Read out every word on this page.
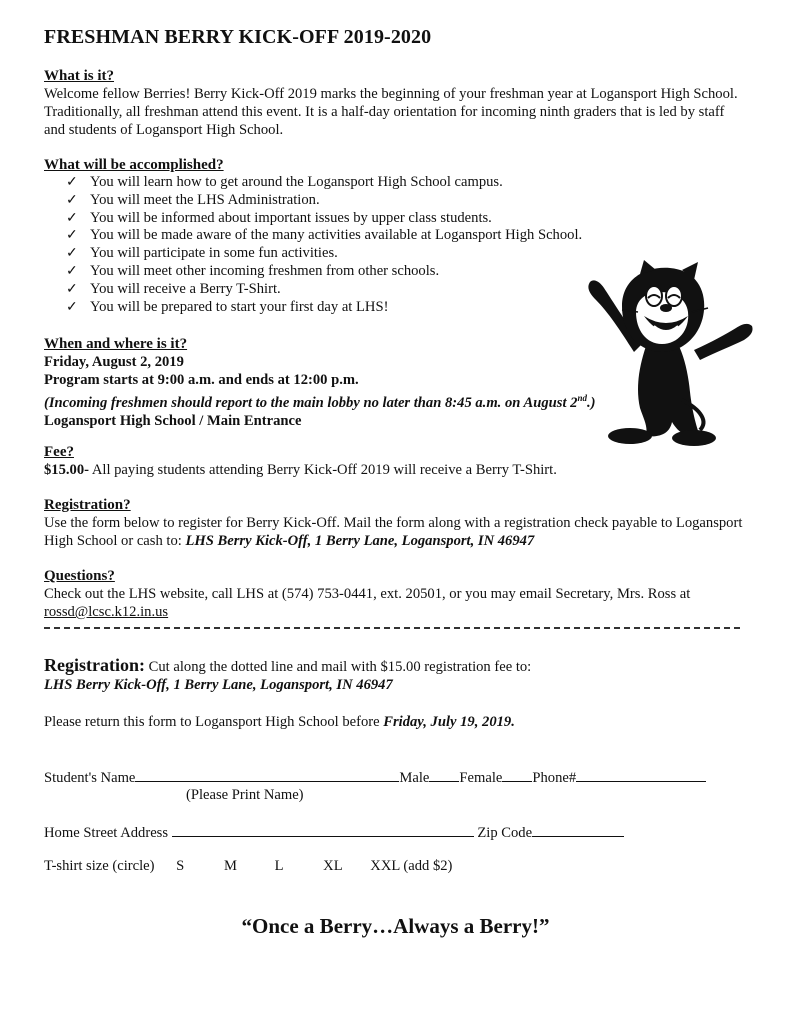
FRESHMAN BERRY KICK-OFF 2019-2020
What is it?
Welcome fellow Berries! Berry Kick-Off 2019 marks the beginning of your freshman year at Logansport High School. Traditionally, all freshman attend this event. It is a half-day orientation for incoming ninth graders that is led by staff and students of Logansport High School.
What will be accomplished?
✓ You will learn how to get around the Logansport High School campus.
✓ You will meet the LHS Administration.
✓ You will be informed about important issues by upper class students.
✓ You will be made aware of the many activities available at Logansport High School.
✓ You will participate in some fun activities.
✓ You will meet other incoming freshmen from other schools.
✓ You will receive a Berry T-Shirt.
✓ You will be prepared to start your first day at LHS!
When and where is it?
Friday, August 2, 2019
Program starts at 9:00 a.m. and ends at 12:00 p.m.
(Incoming freshmen should report to the main lobby no later than 8:45 a.m. on August 2nd.)
Logansport High School / Main Entrance
Fee?
$15.00- All paying students attending Berry Kick-Off 2019 will receive a Berry T-Shirt.
Registration?
Use the form below to register for Berry Kick-Off. Mail the form along with a registration check payable to Logansport High School or cash to: LHS Berry Kick-Off, 1 Berry Lane, Logansport, IN 46947
Questions?
Check out the LHS website, call LHS at (574) 753-0441, ext. 20501, or you may email Secretary, Mrs. Ross at rossd@lcsc.k12.in.us
Registration: Cut along the dotted line and mail with $15.00 registration fee to:
LHS Berry Kick-Off, 1 Berry Lane, Logansport, IN 46947
Please return this form to Logansport High School before Friday, July 19, 2019.
Student's Name	Male Female Phone#
(Please Print Name)
Home Street Address	Zip Code
T-shirt size (circle) S	M	L	XL XXL (add $2)
“Once a Berry…Always a Berry!”
